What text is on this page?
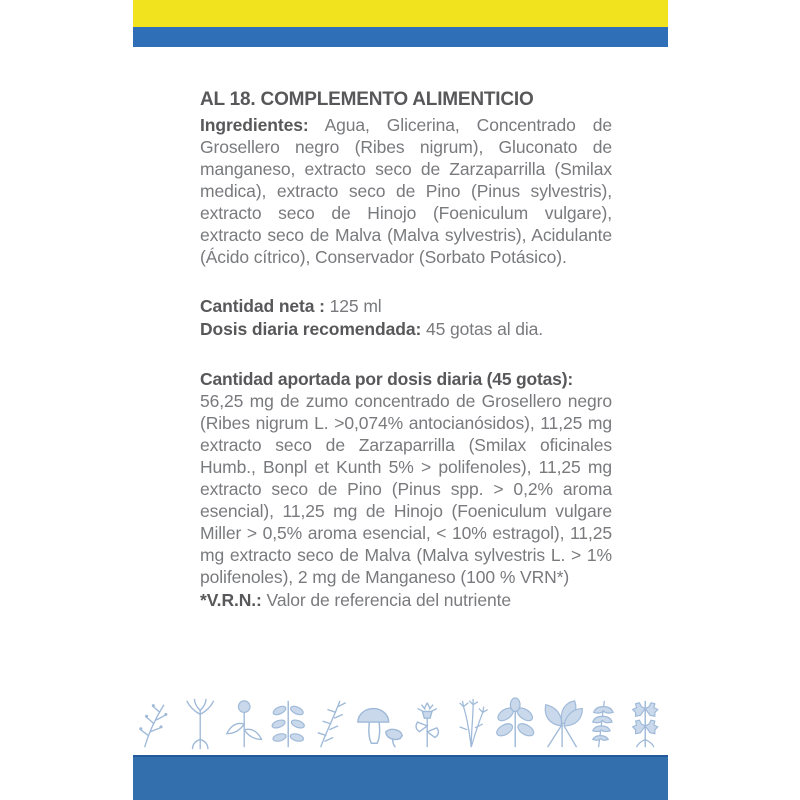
AL 18. COMPLEMENTO ALIMENTICIO

Ingredientes: Agua, Glicerina, Concentrado de Grosellero negro (Ribes nigrum), Gluconato de manganeso, extracto seco de Zarzaparrilla (Smilax medica), extracto seco de Pino (Pinus sylvestris), extracto seco de Hinojo (Foeniculum vulgare), extracto seco de Malva (Malva sylvestris), Acidulante (Ácido cítrico), Conservador (Sorbato Potásico).

Cantidad neta : 125 ml

Dosis diaria recomendada: 45 gotas al dia.

Cantidad aportada por dosis diaria (45 gotas):

56,25 mg de zumo concentrado de Grosellero negro (Ribes nigrum L. >0,074% antocianósidos), 11,25 mg extracto seco de Zarzaparrilla (Smilax oficinales Humb., Bonpl et Kunth 5% > polifenoles), 11,25 mg extracto seco de Pino (Pinus spp. > 0,2% aroma esencial), 11,25 mg de Hinojo (Foeniculum vulgare Miller > 0,5% aroma esencial, < 10% estragol), 11,25 mg extracto seco de Malva (Malva sylvestris L. > 1% polifenoles), 2 mg de Manganeso (100 % VRN*)

*V.R.N.: Valor de referencia del nutriente
